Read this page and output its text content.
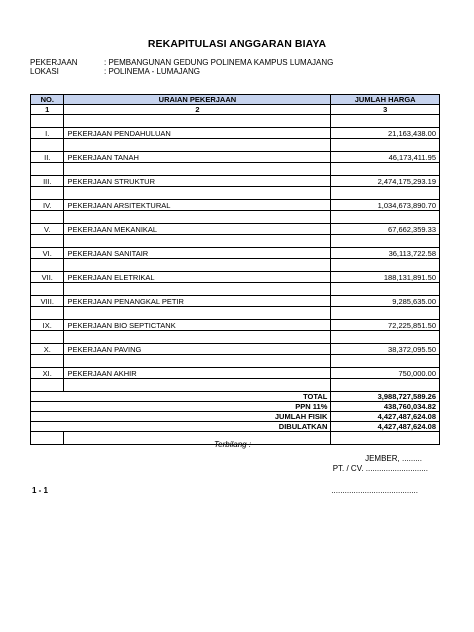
REKAPITULASI ANGGARAN BIAYA
PEKERJAAN	: PEMBANGUNAN GEDUNG POLINEMA KAMPUS LUMAJANG
LOKASI	: POLINEMA - LUMAJANG
NO.	URAIAN PEKERJAAN	JUMLAH HARGA
1	2	3

I.	PEKERJAAN PENDAHULUAN	21,163,438.00

II.	PEKERJAAN TANAH	46,173,411.95

III.	PEKERJAAN STRUKTUR	2,474,175,293.19

IV.	PEKERJAAN ARSITEKTURAL	1,034,673,890.70

V.	PEKERJAAN MEKANIKAL	67,662,359.33

VI.	PEKERJAAN SANITAIR	36,113,722.58

VII.	PEKERJAAN ELETRIKAL	188,131,891.50

VIII.	PEKERJAAN PENANGKAL PETIR	9,285,635.00

IX.	PEKERJAAN BIO SEPTICTANK	72,225,851.50

X.	PEKERJAAN PAVING	38,372,095.50

XI.	PEKERJAAN AKHIR	750,000.00

	TOTAL	3,988,727,589.26
	PPN 11%	438,760,034.82
	JUMLAH FISIK	4,427,487,624.08
	DIBULATKAN	4,427,487,624.08

Terbilang :
JEMBER, .........
PT. / CV. ............................
1 - 1	.......................................
